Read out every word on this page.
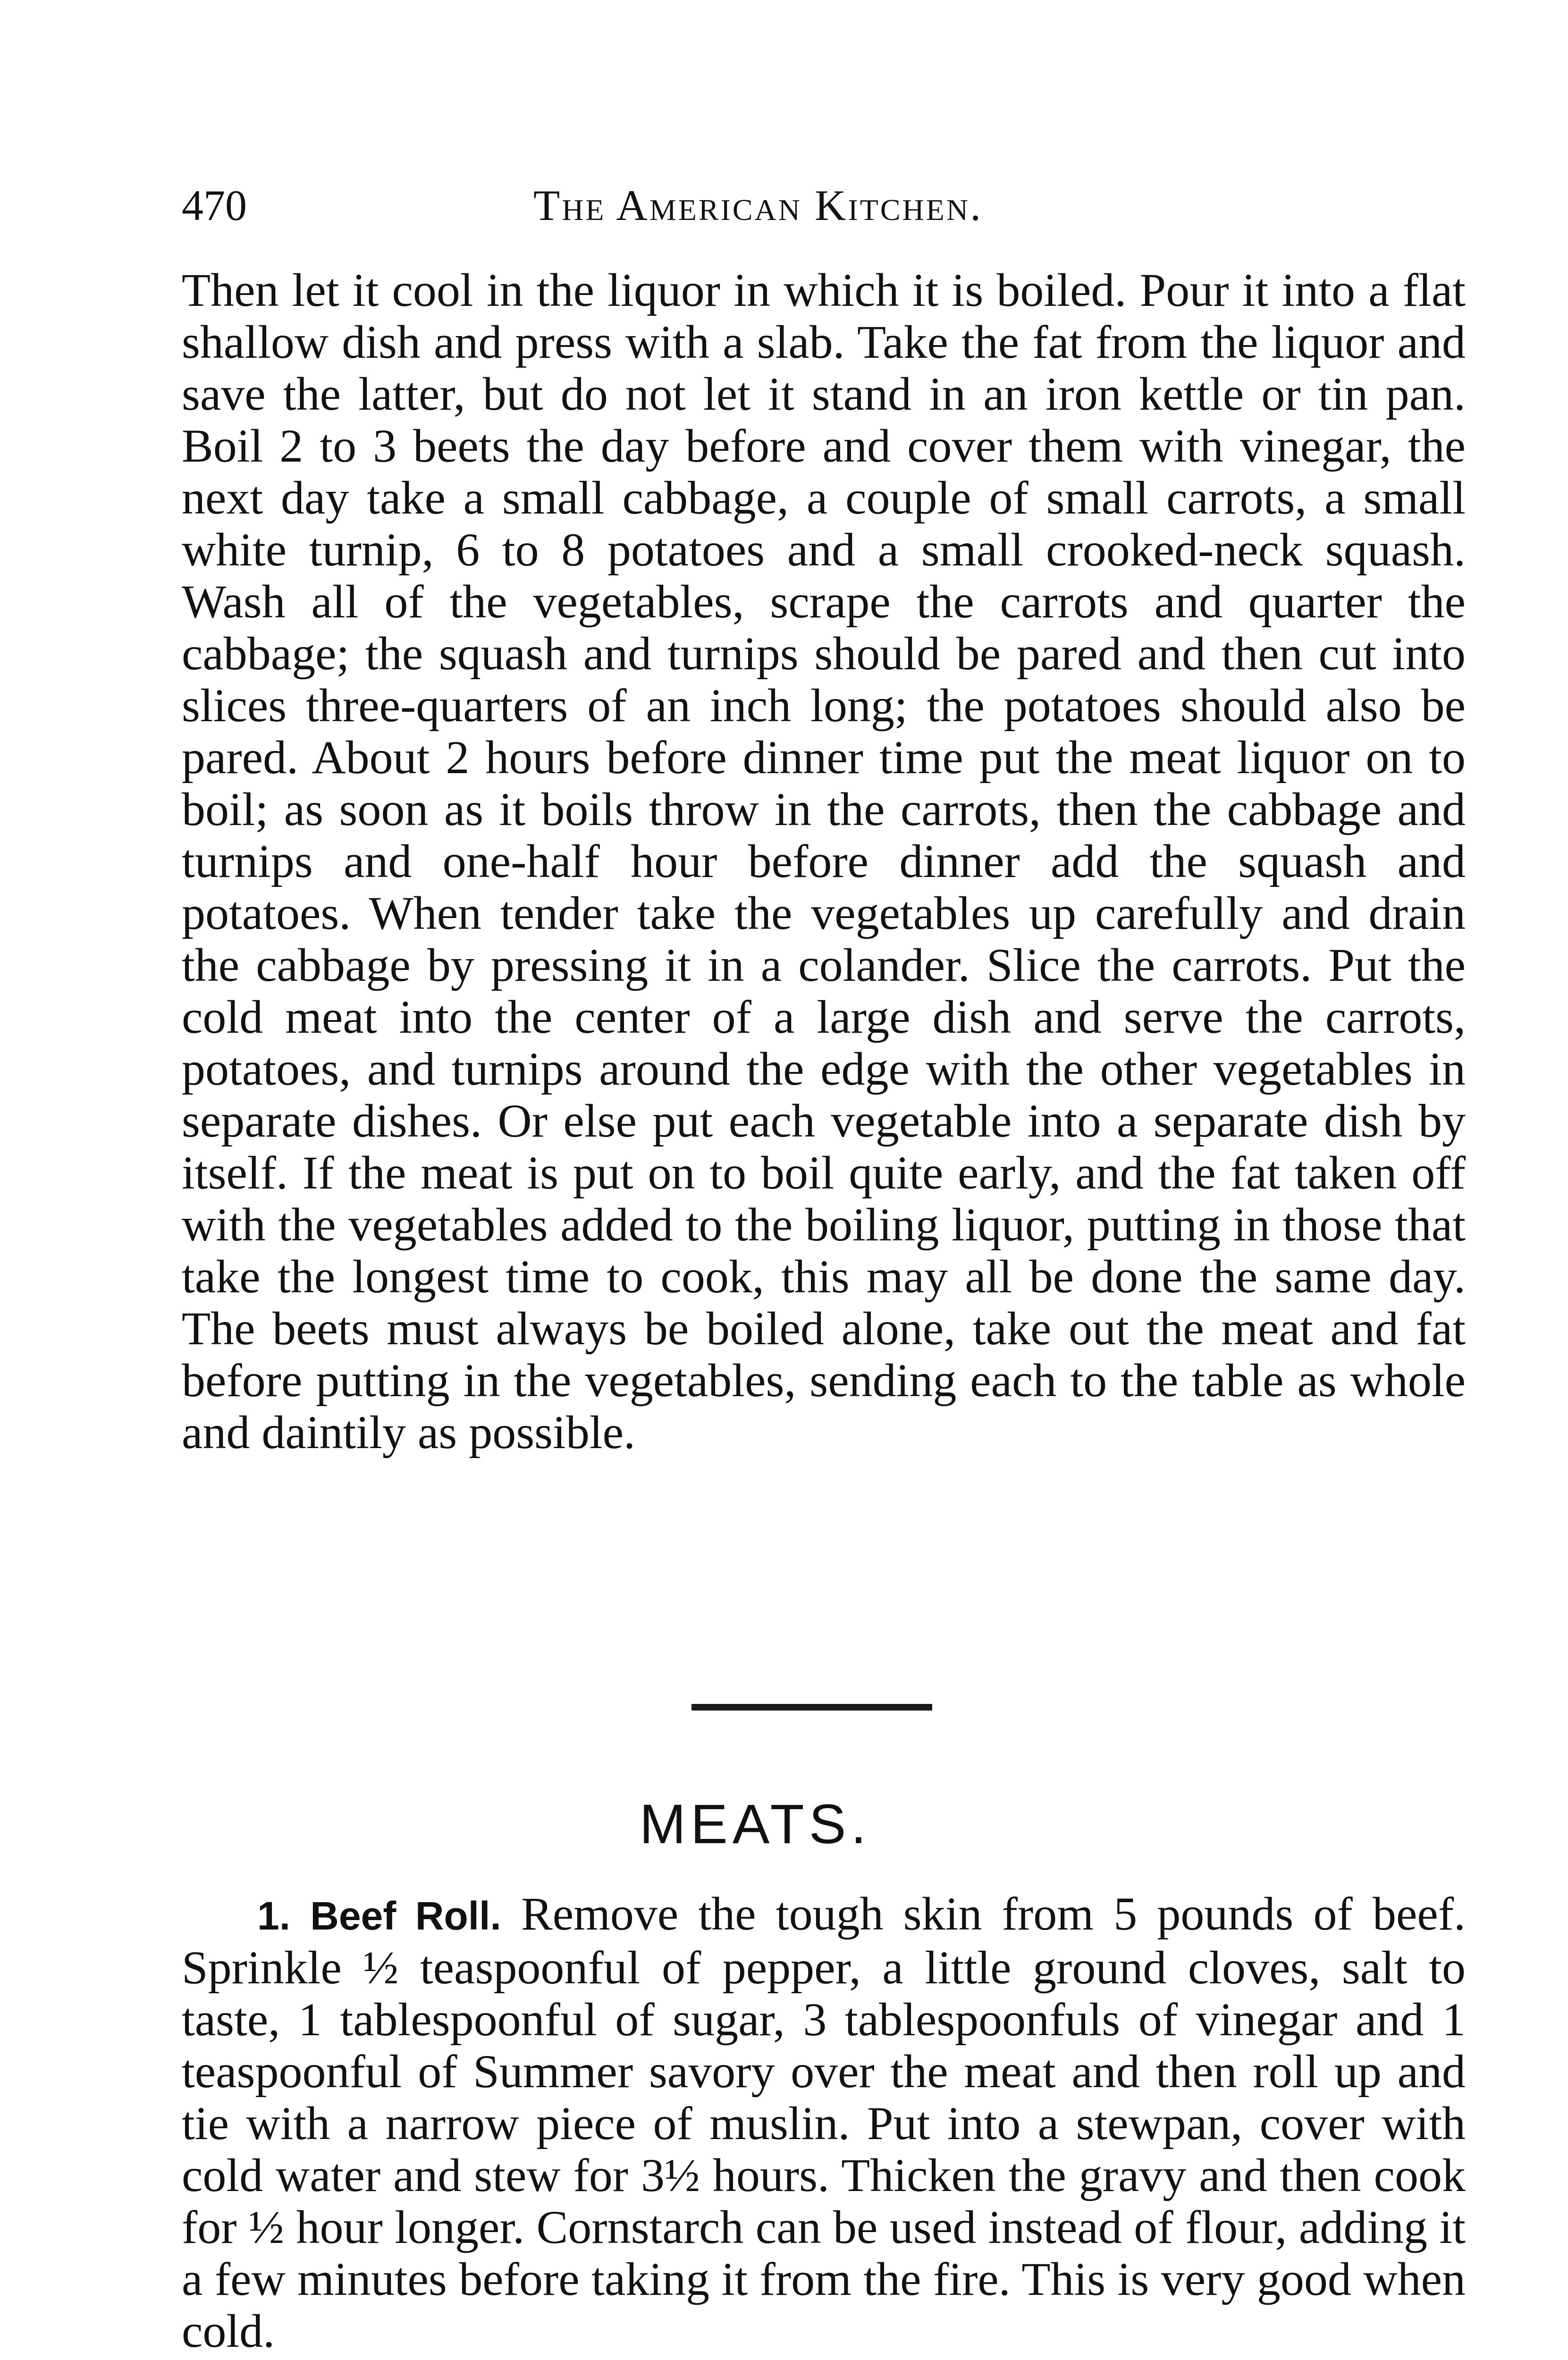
470	The American Kitchen.

Then let it cool in the liquor in which it is boiled. Pour it into a flat shallow dish and press with a slab. Take the fat from the liquor and save the latter, but do not let it stand in an iron kettle or tin pan. Boil 2 to 3 beets the day before and cover them with vinegar, the next day take a small cabbage, a couple of small carrots, a small white turnip, 6 to 8 potatoes and a small crooked-neck squash. Wash all of the vegetables, scrape the carrots and quarter the cabbage; the squash and turnips should be pared and then cut into slices three-quarters of an inch long; the potatoes should also be pared. About 2 hours before dinner time put the meat liquor on to boil; as soon as it boils throw in the carrots, then the cabbage and turnips and one-half hour before dinner add the squash and potatoes. When tender take the vegetables up carefully and drain the cabbage by pressing it in a colander. Slice the carrots. Put the cold meat into the center of a large dish and serve the carrots, potatoes, and turnips around the edge with the other vegetables in separate dishes. Or else put each vegetable into a separate dish by itself. If the meat is put on to boil quite early, and the fat taken off with the vegetables added to the boiling liquor, putting in those that take the longest time to cook, this may all be done the same day. The beets must always be boiled alone, take out the meat and fat before putting in the vegetables, sending each to the table as whole and daintily as possible.

MEATS.

1. Beef Roll. Remove the tough skin from 5 pounds of beef. Sprinkle ½ teaspoonful of pepper, a little ground cloves, salt to taste, 1 tablespoonful of sugar, 3 tablespoonfuls of vinegar and 1 teaspoonful of Summer savory over the meat and then roll up and tie with a narrow piece of muslin. Put into a stewpan, cover with cold water and stew for 3½ hours. Thicken the gravy and then cook for ½ hour longer. Cornstarch can be used instead of flour, adding it a few minutes before taking it from the fire. This is very good when cold.
